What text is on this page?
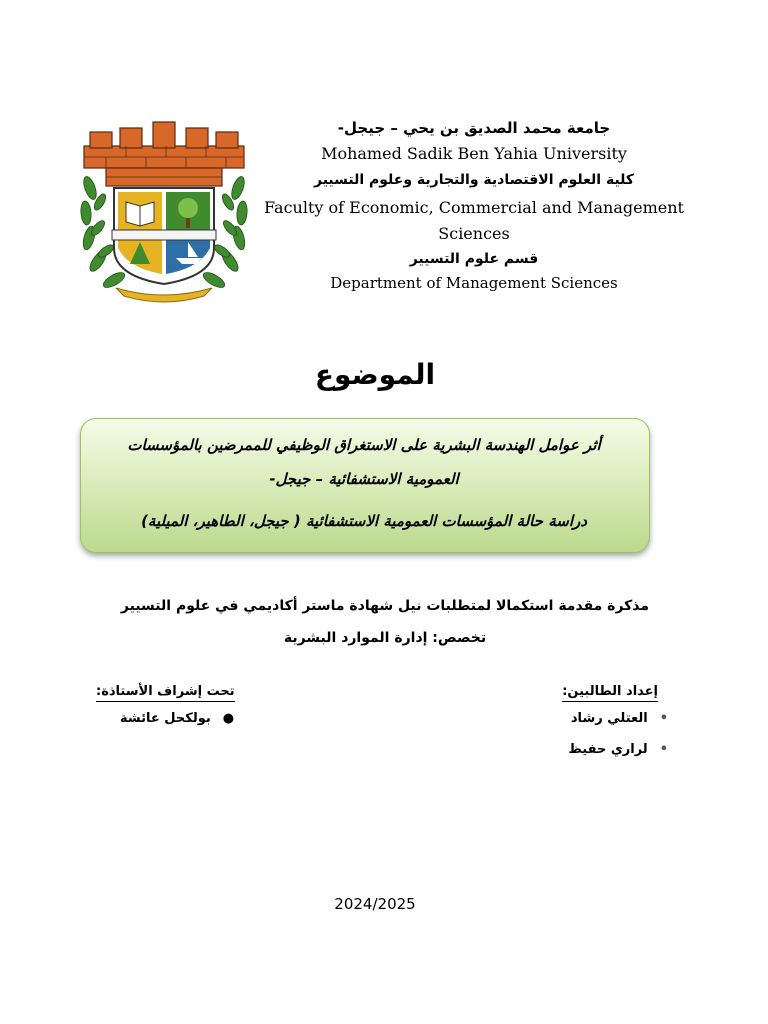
جامعة محمد الصديق بن يحي – جيجل-
Mohamed Sadik Ben Yahia University
كلية العلوم الاقتصادية والتجارية وعلوم التسيير
Faculty of Economic, Commercial and Management Sciences
قسم علوم التسيير
Department of Management Sciences
الموضوع
أثر عوامل الهندسة البشرية على الاستغراق الوظيفي للممرضين بالمؤسسات
العمومية الاستشفائية – جيجل-
دراسة حالة المؤسسات العمومية الاستشفائية ( جيجل، الطاهير، الميلية)
مذكرة مقدمة استكمالا لمتطلبات نيل شهادة ماستر أكاديمي في علوم التسيير
تخصص: إدارة الموارد البشرية
إعداد الطالبين:
•العتلي رشاد
•لراري حفيظ
تحت إشراف الأستاذة:
●بولكحل عائشة
2024/2025
